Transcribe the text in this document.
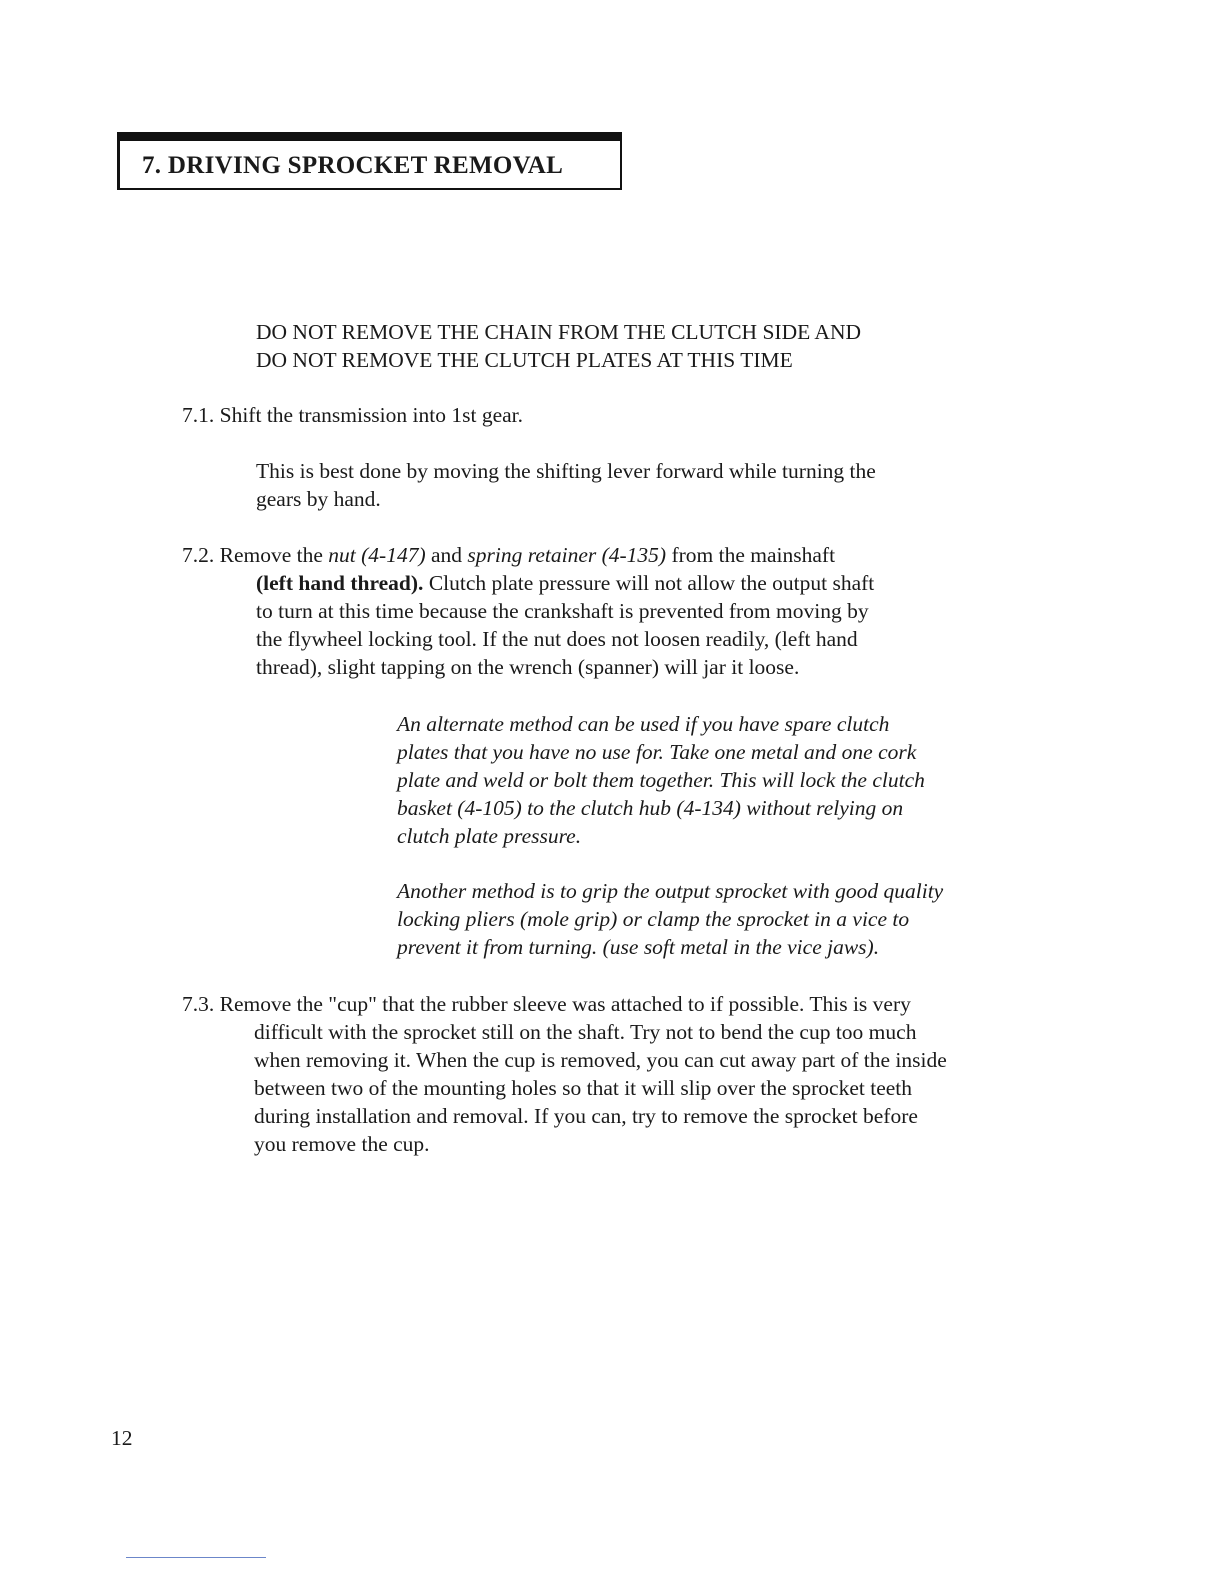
7. DRIVING SPROCKET REMOVAL
DO NOT REMOVE THE CHAIN FROM THE CLUTCH SIDE AND
DO NOT REMOVE THE CLUTCH PLATES AT THIS TIME
7.1. Shift the transmission into 1st gear.
This is best done by moving the shifting lever forward while turning the
gears by hand.
7.2. Remove the nut (4-147) and spring retainer (4-135) from the mainshaft
(left hand thread). Clutch plate pressure will not allow the output shaft
to turn at this time because the crankshaft is prevented from moving by
the flywheel locking tool. If the nut does not loosen readily, (left hand
thread), slight tapping on the wrench (spanner) will jar it loose.
An alternate method can be used if you have spare clutch
plates that you have no use for. Take one metal and one cork
plate and weld or bolt them together. This will lock the clutch
basket (4-105) to the clutch hub (4-134) without relying on
clutch plate pressure.
Another method is to grip the output sprocket with good quality
locking pliers (mole grip) or clamp the sprocket in a vice to
prevent it from turning. (use soft metal in the vice jaws).
7.3. Remove the "cup" that the rubber sleeve was attached to if possible. This is very
difficult with the sprocket still on the shaft. Try not to bend the cup too much
when removing it. When the cup is removed, you can cut away part of the inside
between two of the mounting holes so that it will slip over the sprocket teeth
during installation and removal. If you can, try to remove the sprocket before
you remove the cup.
12
